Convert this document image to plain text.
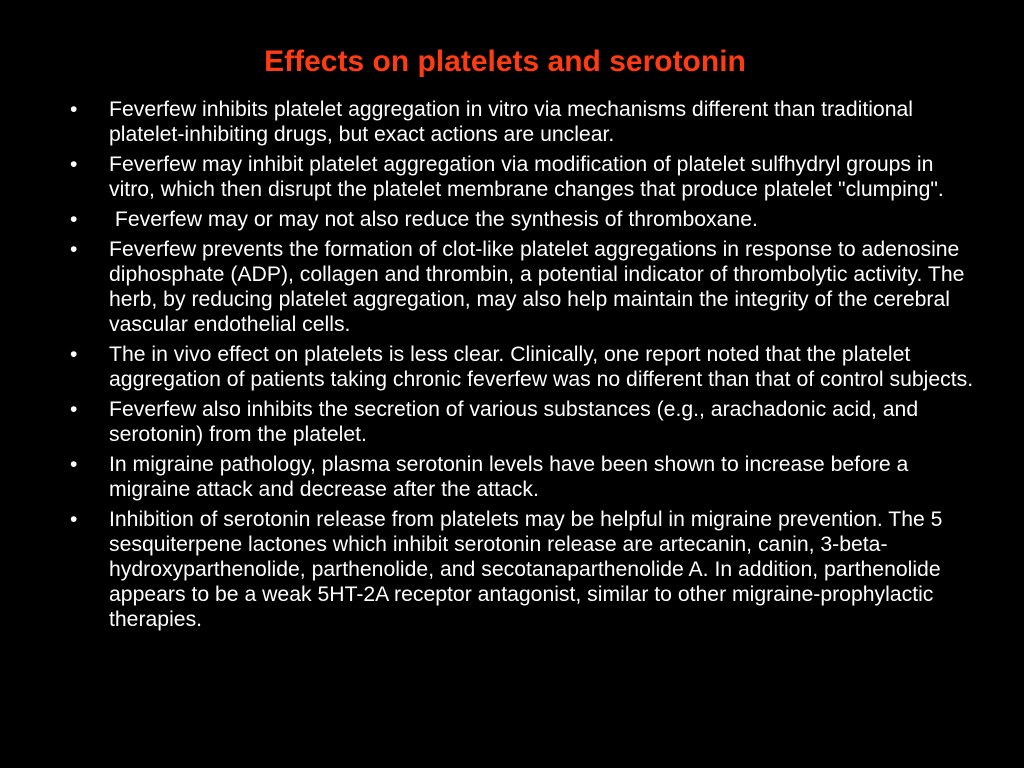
Effects on platelets and serotonin
•	Feverfew inhibits platelet aggregation in vitro via mechanisms different than traditional platelet-inhibiting drugs, but exact actions are unclear.
•	Feverfew may inhibit platelet aggregation via modification of platelet sulfhydryl groups in vitro, which then disrupt the platelet membrane changes that produce platelet "clumping".
•	Feverfew may or may not also reduce the synthesis of thromboxane.
•	Feverfew prevents the formation of clot-like platelet aggregations in response to adenosine diphosphate (ADP), collagen and thrombin, a potential indicator of thrombolytic activity. The herb, by reducing platelet aggregation, may also help maintain the integrity of the cerebral vascular endothelial cells.
•	The in vivo effect on platelets is less clear. Clinically, one report noted that the platelet aggregation of patients taking chronic feverfew was no different than that of control subjects.
•	Feverfew also inhibits the secretion of various substances (e.g., arachadonic acid, and serotonin) from the platelet.
•	In migraine pathology, plasma serotonin levels have been shown to increase before a migraine attack and decrease after the attack.
•	Inhibition of serotonin release from platelets may be helpful in migraine prevention. The 5 sesquiterpene lactones which inhibit serotonin release are artecanin, canin, 3-beta-hydroxyparthenolide, parthenolide, and secotanaparthenolide A. In addition, parthenolide appears to be a weak 5HT-2A receptor antagonist, similar to other migraine-prophylactic therapies.
